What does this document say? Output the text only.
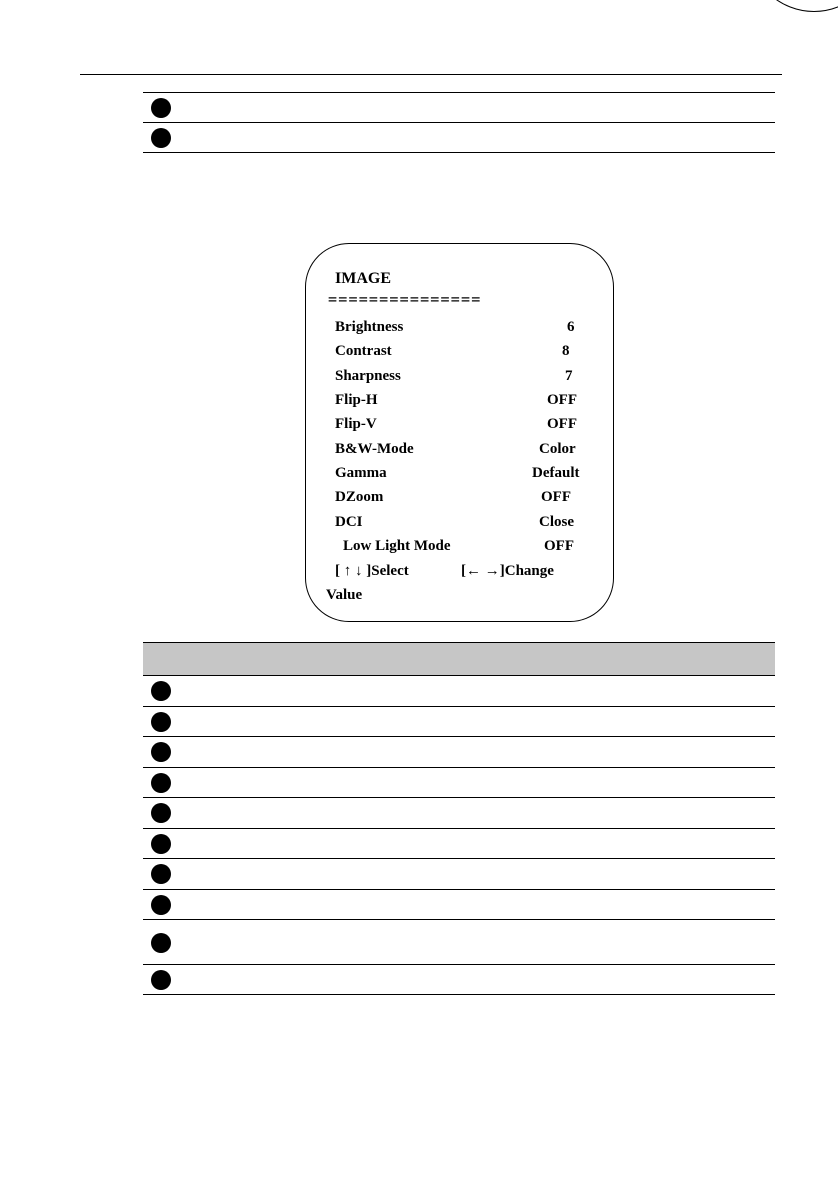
IMAGE
===============
Brightness	6
Contrast	8
Sharpness	7
Flip-H	OFF
Flip-V	OFF
B&W-Mode	Color
Gamma	Default
DZoom	OFF
DCI	Close
Low Light Mode	OFF
[ ↑ ↓ ]Select	[← →]Change
Value
